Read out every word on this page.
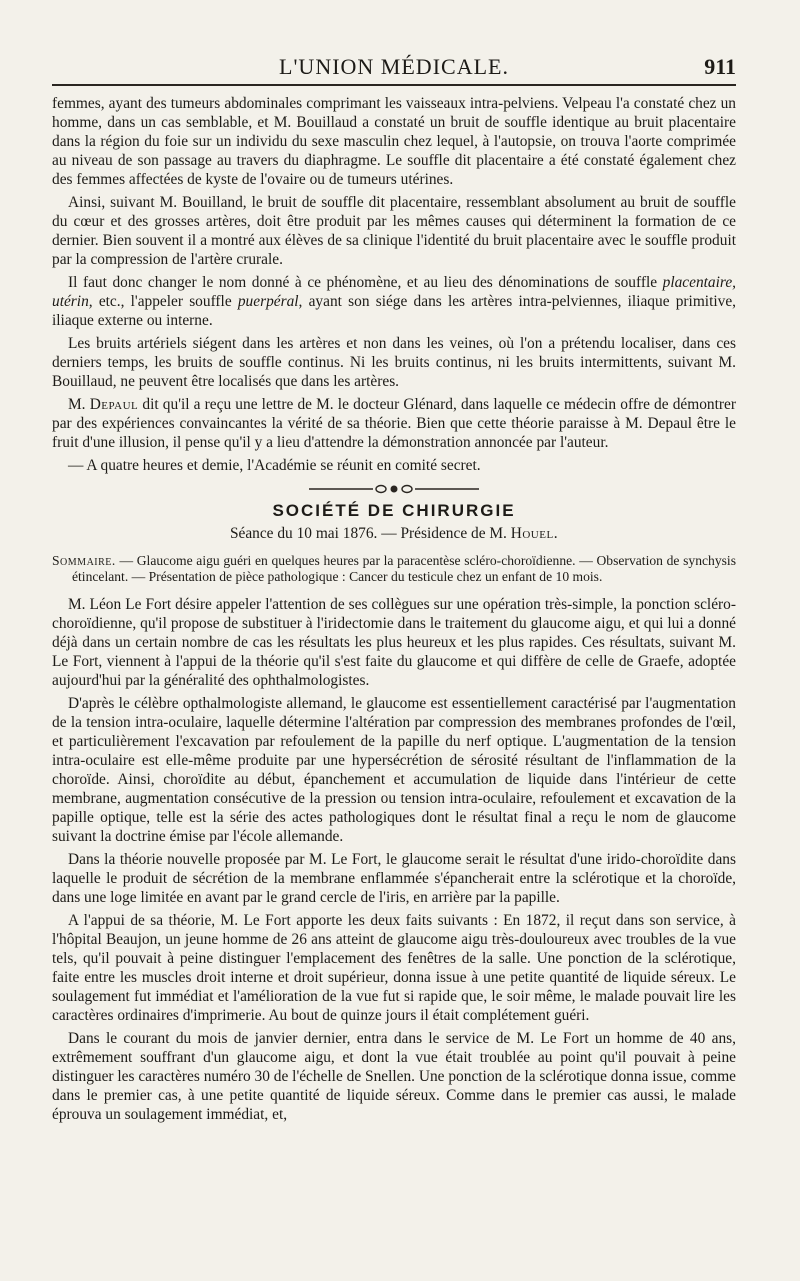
L'UNION MÉDICALE.	911

femmes, ayant des tumeurs abdominales comprimant les vaisseaux intra-pelviens. Velpeau l'a constaté chez un homme, dans un cas semblable, et M. Bouillaud a constaté un bruit de souffle identique au bruit placentaire dans la région du foie sur un individu du sexe masculin chez lequel, à l'autopsie, on trouva l'aorte comprimée au niveau de son passage au travers du diaphragme. Le souffle dit placentaire a été constaté également chez des femmes affectées de kyste de l'ovaire ou de tumeurs utérines.

Ainsi, suivant M. Bouilland, le bruit de souffle dit placentaire, ressemblant absolument au bruit de souffle du cœur et des grosses artères, doit être produit par les mêmes causes qui déterminent la formation de ce dernier. Bien souvent il a montré aux élèves de sa clinique l'identité du bruit placentaire avec le souffle produit par la compression de l'artère crurale.

Il faut donc changer le nom donné à ce phénomène, et au lieu des dénominations de souffle placentaire, utérin, etc., l'appeler souffle puerpéral, ayant son siége dans les artères intra-pelviennes, iliaque primitive, iliaque externe ou interne.

Les bruits artériels siégent dans les artères et non dans les veines, où l'on a prétendu localiser, dans ces derniers temps, les bruits de souffle continus. Ni les bruits continus, ni les bruits intermittents, suivant M. Bouillaud, ne peuvent être localisés que dans les artères.

M. Depaul dit qu'il a reçu une lettre de M. le docteur Glénard, dans laquelle ce médecin offre de démontrer par des expériences convaincantes la vérité de sa théorie. Bien que cette théorie paraisse à M. Depaul être le fruit d'une illusion, il pense qu'il y a lieu d'attendre la démonstration annoncée par l'auteur.

— A quatre heures et demie, l'Académie se réunit en comité secret.

SOCIÉTÉ DE CHIRURGIE
Séance du 10 mai 1876. — Présidence de M. Houel.
Sommaire. — Glaucome aigu guéri en quelques heures par la paracentèse scléro-choroïdienne. — Observation de synchysis étincelant. — Présentation de pièce pathologique : Cancer du testicule chez un enfant de 10 mois.

M. Léon Le Fort désire appeler l'attention de ses collègues sur une opération très-simple, la ponction scléro-choroïdienne, qu'il propose de substituer à l'iridectomie dans le traitement du glaucome aigu, et qui lui a donné déjà dans un certain nombre de cas les résultats les plus heureux et les plus rapides. Ces résultats, suivant M. Le Fort, viennent à l'appui de la théorie qu'il s'est faite du glaucome et qui diffère de celle de Graefe, adoptée aujourd'hui par la généralité des ophthalmologistes.

D'après le célèbre opthalmologiste allemand, le glaucome est essentiellement caractérisé par l'augmentation de la tension intra-oculaire, laquelle détermine l'altération par compression des membranes profondes de l'œil, et particulièrement l'excavation par refoulement de la papille du nerf optique. L'augmentation de la tension intra-oculaire est elle-même produite par une hypersécrétion de sérosité résultant de l'inflammation de la choroïde. Ainsi, choroïdite au début, épanchement et accumulation de liquide dans l'intérieur de cette membrane, augmentation consécutive de la pression ou tension intra-oculaire, refoulement et excavation de la papille optique, telle est la série des actes pathologiques dont le résultat final a reçu le nom de glaucome suivant la doctrine émise par l'école allemande.

Dans la théorie nouvelle proposée par M. Le Fort, le glaucome serait le résultat d'une irido-choroïdite dans laquelle le produit de sécrétion de la membrane enflammée s'épancherait entre la sclérotique et la choroïde, dans une loge limitée en avant par le grand cercle de l'iris, en arrière par la papille.

A l'appui de sa théorie, M. Le Fort apporte les deux faits suivants : En 1872, il reçut dans son service, à l'hôpital Beaujon, un jeune homme de 26 ans atteint de glaucome aigu très-douloureux avec troubles de la vue tels, qu'il pouvait à peine distinguer l'emplacement des fenêtres de la salle. Une ponction de la sclérotique, faite entre les muscles droit interne et droit supérieur, donna issue à une petite quantité de liquide séreux. Le soulagement fut immédiat et l'amélioration de la vue fut si rapide que, le soir même, le malade pouvait lire les caractères ordinaires d'imprimerie. Au bout de quinze jours il était complétement guéri.

Dans le courant du mois de janvier dernier, entra dans le service de M. Le Fort un homme de 40 ans, extrêmement souffrant d'un glaucome aigu, et dont la vue était troublée au point qu'il pouvait à peine distinguer les caractères numéro 30 de l'échelle de Snellen. Une ponction de la sclérotique donna issue, comme dans le premier cas, à une petite quantité de liquide séreux. Comme dans le premier cas aussi, le malade éprouva un soulagement immédiat, et,
